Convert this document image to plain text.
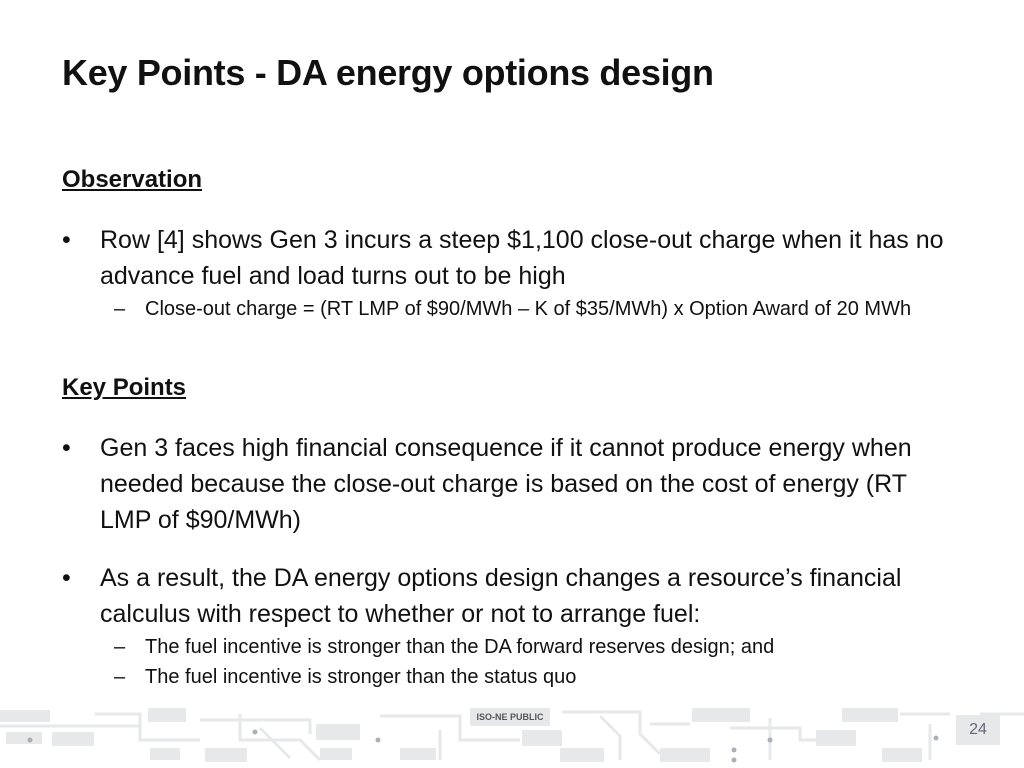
Key Points - DA energy options design

Observation

• Row [4] shows Gen 3 incurs a steep $1,100 close-out charge when it has no advance fuel and load turns out to be high
– Close-out charge = (RT LMP of $90/MWh – K of $35/MWh) x Option Award of 20 MWh

Key Points

• Gen 3 faces high financial consequence if it cannot produce energy when needed because the close-out charge is based on the cost of energy (RT LMP of $90/MWh)
• As a result, the DA energy options design changes a resource’s financial calculus with respect to whether or not to arrange fuel:
– The fuel incentive is stronger than the DA forward reserves design; and
– The fuel incentive is stronger than the status quo
ISO-NE PUBLIC
24
